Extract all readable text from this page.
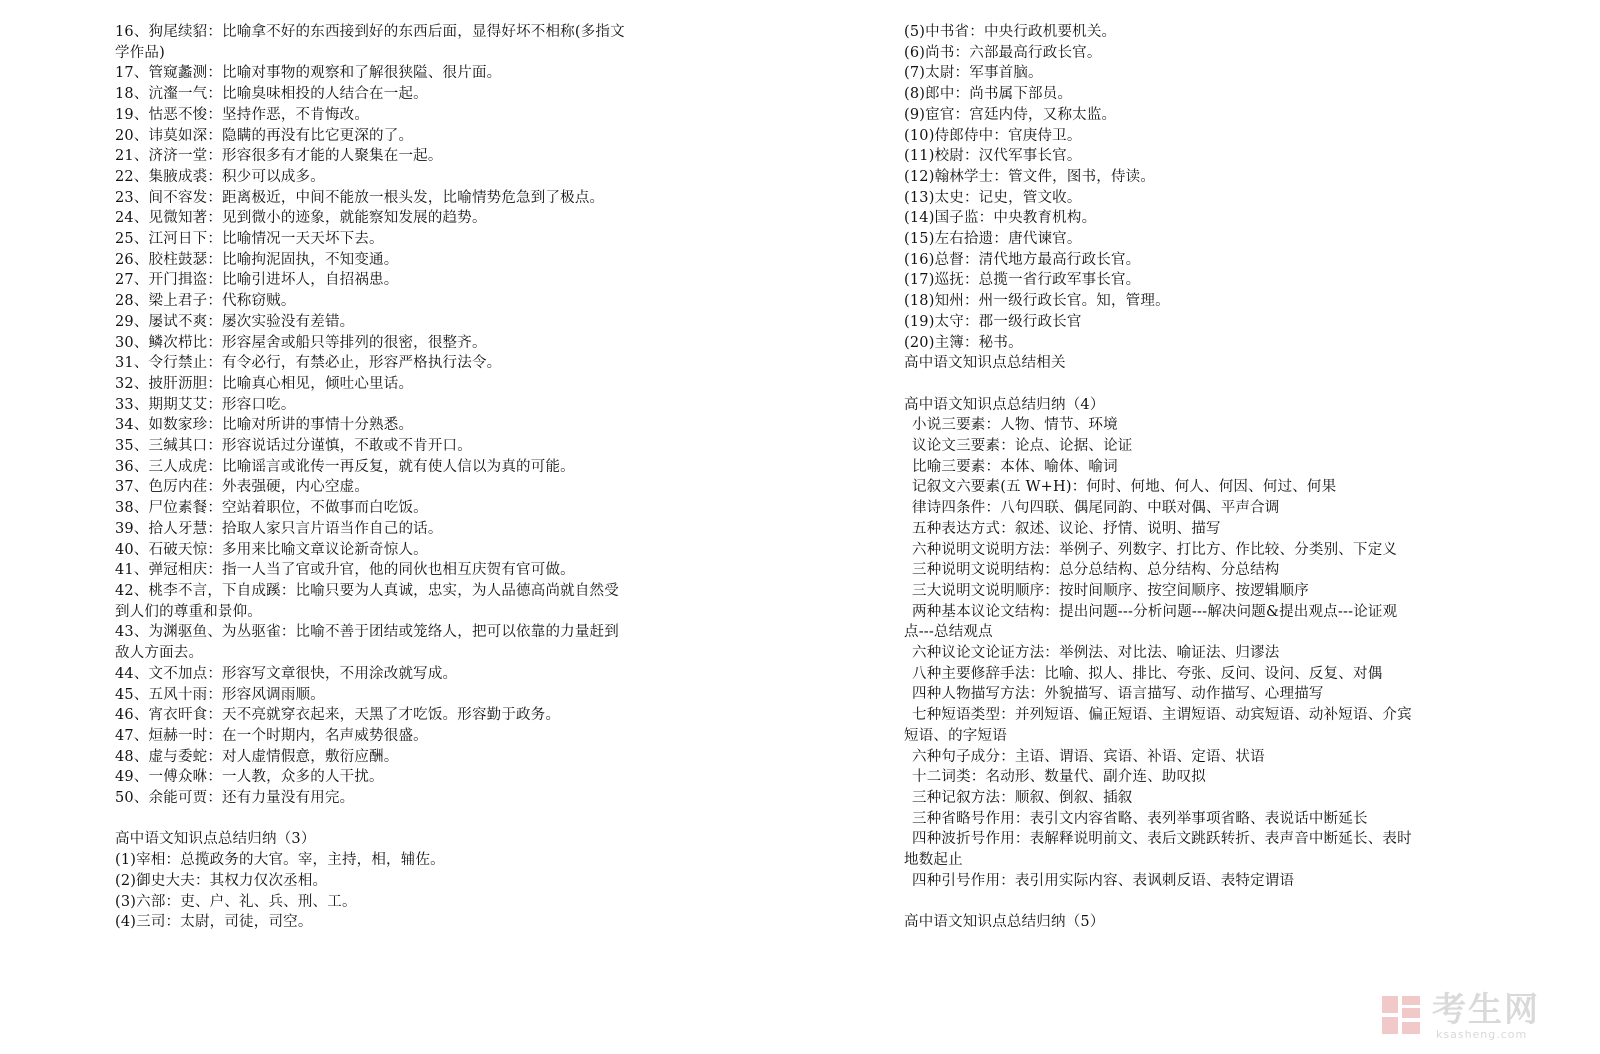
16、狗尾续貂：比喻拿不好的东西接到好的东西后面，显得好坏不相称(多指文
学作品)
17、管窥蠡测：比喻对事物的观察和了解很狭隘、很片面。
18、沆瀣一气：比喻臭味相投的人结合在一起。
19、怙恶不悛：坚持作恶，不肯悔改。
20、讳莫如深：隐瞒的再没有比它更深的了。
21、济济一堂：形容很多有才能的人聚集在一起。
22、集腋成裘：积少可以成多。
23、间不容发：距离极近，中间不能放一根头发，比喻情势危急到了极点。
24、见微知著：见到微小的迹象，就能察知发展的趋势。
25、江河日下：比喻情况一天天坏下去。
26、胶柱鼓瑟：比喻拘泥固执，不知变通。
27、开门揖盗：比喻引进坏人，自招祸患。
28、梁上君子：代称窃贼。
29、屡试不爽：屡次实验没有差错。
30、鳞次栉比：形容屋舍或船只等排列的很密，很整齐。
31、令行禁止：有令必行，有禁必止，形容严格执行法令。
32、披肝沥胆：比喻真心相见，倾吐心里话。
33、期期艾艾：形容口吃。
34、如数家珍：比喻对所讲的事情十分熟悉。
35、三缄其口：形容说话过分谨慎，不敢或不肯开口。
36、三人成虎：比喻谣言或讹传一再反复，就有使人信以为真的可能。
37、色厉内荏：外表强硬，内心空虚。
38、尸位素餐：空站着职位，不做事而白吃饭。
39、拾人牙慧：拾取人家只言片语当作自己的话。
40、石破天惊：多用来比喻文章议论新奇惊人。
41、弹冠相庆：指一人当了官或升官，他的同伙也相互庆贺有官可做。
42、桃李不言，下自成蹊：比喻只要为人真诚，忠实，为人品德高尚就自然受
到人们的尊重和景仰。
43、为渊驱鱼、为丛驱雀：比喻不善于团结或笼络人，把可以依靠的力量赶到
敌人方面去。
44、文不加点：形容写文章很快，不用涂改就写成。
45、五风十雨：形容风调雨顺。
46、宵衣旰食：天不亮就穿衣起来，天黑了才吃饭。形容勤于政务。
47、烜赫一时：在一个时期内，名声威势很盛。
48、虚与委蛇：对人虚情假意，敷衍应酬。
49、一傅众咻：一人教，众多的人干扰。
50、余能可贾：还有力量没有用完。
高中语文知识点总结归纳（3）
(1)宰相：总揽政务的大官。宰，主持，相，辅佐。
(2)御史大夫：其权力仅次丞相。
(3)六部：吏、户、礼、兵、刑、工。
(4)三司：太尉，司徒，司空。
(5)中书省：中央行政机要机关。
(6)尚书：六部最高行政长官。
(7)太尉：军事首脑。
(8)郎中：尚书属下部员。
(9)宦官：宫廷内侍，又称太监。
(10)侍郎侍中：官庚侍卫。
(11)校尉：汉代军事长官。
(12)翰林学士：管文件，图书，侍读。
(13)太史：记史，管文收。
(14)国子监：中央教育机构。
(15)左右拾遗：唐代谏官。
(16)总督：清代地方最高行政长官。
(17)巡抚：总揽一省行政军事长官。
(18)知州：州一级行政长官。知，管理。
(19)太守：郡一级行政长官
(20)主簿：秘书。
高中语文知识点总结相关
高中语文知识点总结归纳（4）
小说三要素：人物、情节、环境
议论文三要素：论点、论据、论证
比喻三要素：本体、喻体、喻词
记叙文六要素(五 W+H)：何时、何地、何人、何因、何过、何果
律诗四条件：八句四联、偶尾同韵、中联对偶、平声合调
五种表达方式：叙述、议论、抒情、说明、描写
六种说明文说明方法：举例子、列数字、打比方、作比较、分类别、下定义
三种说明文说明结构：总分总结构、总分结构、分总结构
三大说明文说明顺序：按时间顺序、按空间顺序、按逻辑顺序
两种基本议论文结构：提出问题---分析问题---解决问题&提出观点---论证观
点---总结观点
六种议论文论证方法：举例法、对比法、喻证法、归谬法
八种主要修辞手法：比喻、拟人、排比、夸张、反问、设问、反复、对偶
四种人物描写方法：外貌描写、语言描写、动作描写、心理描写
七种短语类型：并列短语、偏正短语、主谓短语、动宾短语、动补短语、介宾
短语、的字短语
六种句子成分：主语、谓语、宾语、补语、定语、状语
十二词类：名动形、数量代、副介连、助叹拟
三种记叙方法：顺叙、倒叙、插叙
三种省略号作用：表引文内容省略、表列举事项省略、表说话中断延长
四种波折号作用：表解释说明前文、表后文跳跃转折、表声音中断延长、表时
地数起止
四种引号作用：表引用实际内容、表讽刺反语、表特定谓语
高中语文知识点总结归纳（5）
考生网
ksasheng.com
